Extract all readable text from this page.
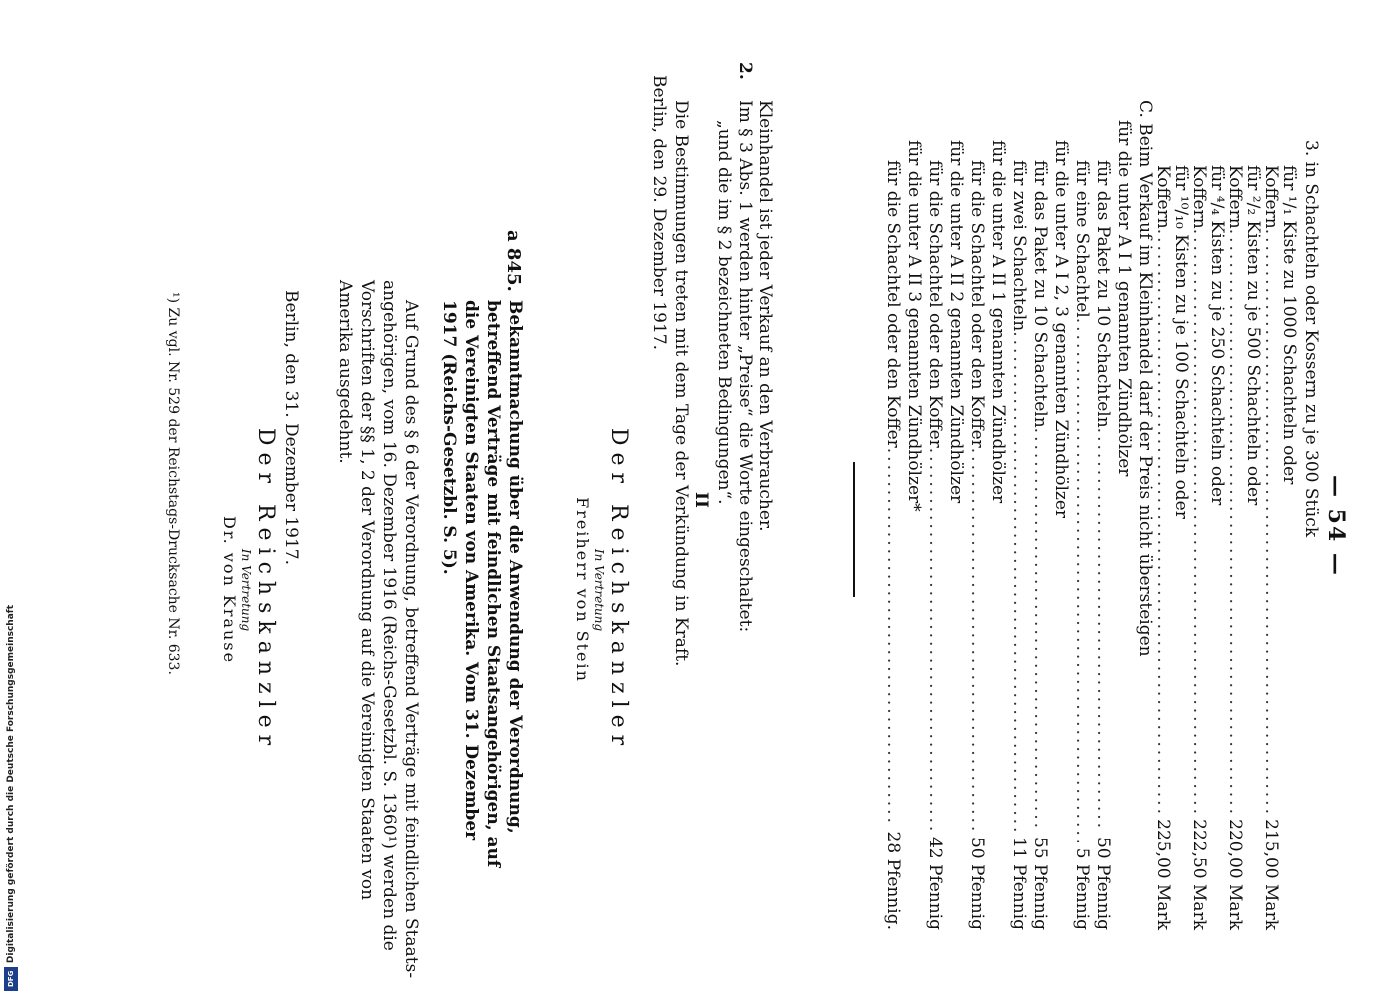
— 54 —
3. in Schachteln oder Kossern zu je 300 Stück
für ¹/₁ Kiste zu 1000 Schachteln oder
Koffern
.....
215,00 Mark
für ²/₂ Kisten zu je 500 Schachteln oder
Koffern
.....
220,00 Mark
für ⁴/₄ Kisten zu je 250 Schachteln oder
Koffern
.....
222,50 Mark
für ¹⁰/₁₀ Kisten zu je 100 Schachteln oder
Koffern
.....
225,00 Mark
C. Beim Verkauf im Kleinhandel darf der Preis nicht übersteigen
für die unter A I 1 genannten Zündhölzer
für das Paket zu 10 Schachteln
.....
50 Pfennig
für eine Schachtel
.....
5 Pfennig
für die unter A I 2, 3 genannten Zündhölzer
für das Paket zu 10 Schachteln
.....
55 Pfennig
für zwei Schachteln
.....
11 Pfennig
für die unter A II 1 genannten Zündhölzer
für die Schachtel oder den Koffer
.....
50 Pfennig
für die unter A II 2 genannten Zündhölzer
für die Schachtel oder den Koffer
.....
42 Pfennig
für die unter A II 3 genannten Zündhölzer*
für die Schachtel oder den Koffer
.....
28 Pfennig.
Kleinhandel ist jeder Verkauf an den Verbraucher.
2.
Im § 3 Abs. 1 werden hinter „Preise“ die Worte eingeschaltet:
„und die im § 2 bezeichneten Bedingungen“.
II
Die Bestimmungen treten mit dem Tage der Verkündung in Kraft.
Berlin, den 29. Dezember 1917.
Der Reichskanzler
In Vertretung
Freiherr von Stein
a 845.
Bekanntmachung über die Anwendung der Verordnung,
betreffend Verträge mit feindlichen Staatsangehörigen, auf
die Vereinigten Staaten von Amerika. Vom 31. Dezember
1917 (Reichs-Gesetzbl. S. 5).
Auf Grund des § 6 der Verordnung, betreffend Verträge mit feindlichen Staats-
angehörigen, vom 16. Dezember 1916 (Reichs-Gesetzbl. S. 1360¹) werden die
Vorschriften der §§ 1, 2 der Verordnung auf die Vereinigten Staaten von
Amerika ausgedehnt.
Berlin, den 31. Dezember 1917.
Der Reichskanzler
In Vertretung
Dr. von Krause
¹) Zu vgl. Nr. 529 der Reichstags-Drucksache Nr. 633.
Digitalisierung gefördert durch die Deutsche Forschungsgemeinschaft
DFG
